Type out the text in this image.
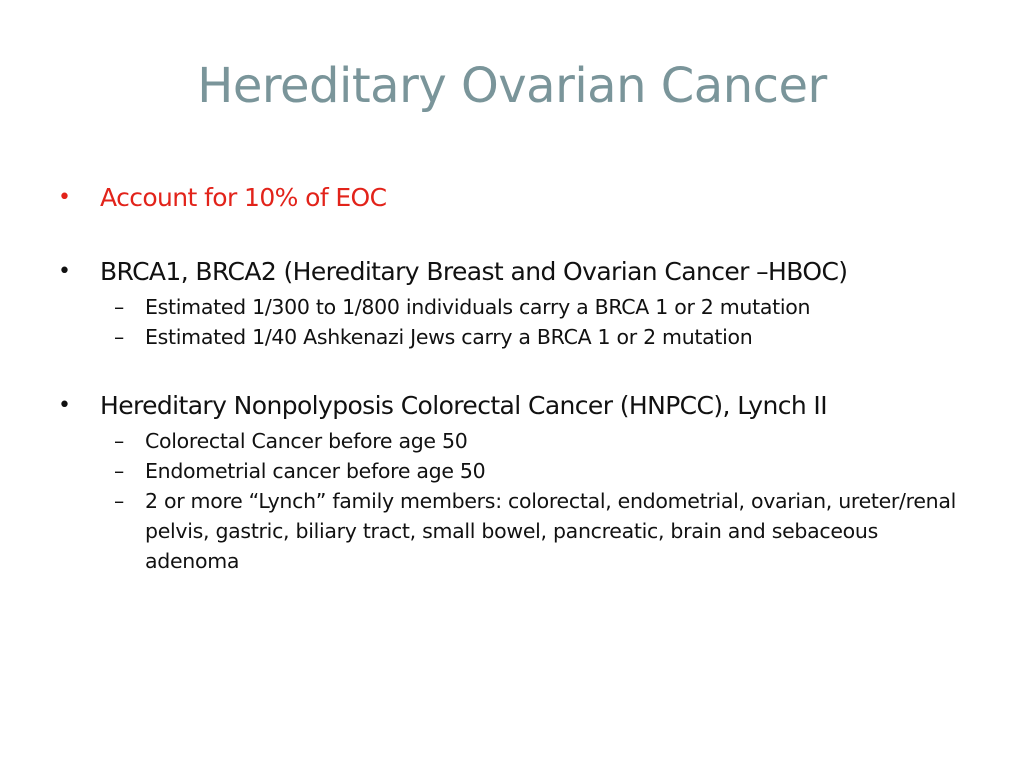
Hereditary Ovarian Cancer
•	Account for 10% of EOC
•	BRCA1, BRCA2 (Hereditary Breast and Ovarian Cancer –HBOC)
–	Estimated 1/300 to 1/800 individuals carry a BRCA 1 or 2 mutation
–	Estimated 1/40 Ashkenazi Jews carry a BRCA 1 or 2 mutation
•	Hereditary Nonpolyposis Colorectal Cancer (HNPCC), Lynch II
–	Colorectal Cancer before age 50
–	Endometrial cancer before age 50
–	2 or more “Lynch” family members: colorectal, endometrial, ovarian, ureter/renal pelvis, gastric, biliary tract, small bowel, pancreatic, brain and sebaceous adenoma
